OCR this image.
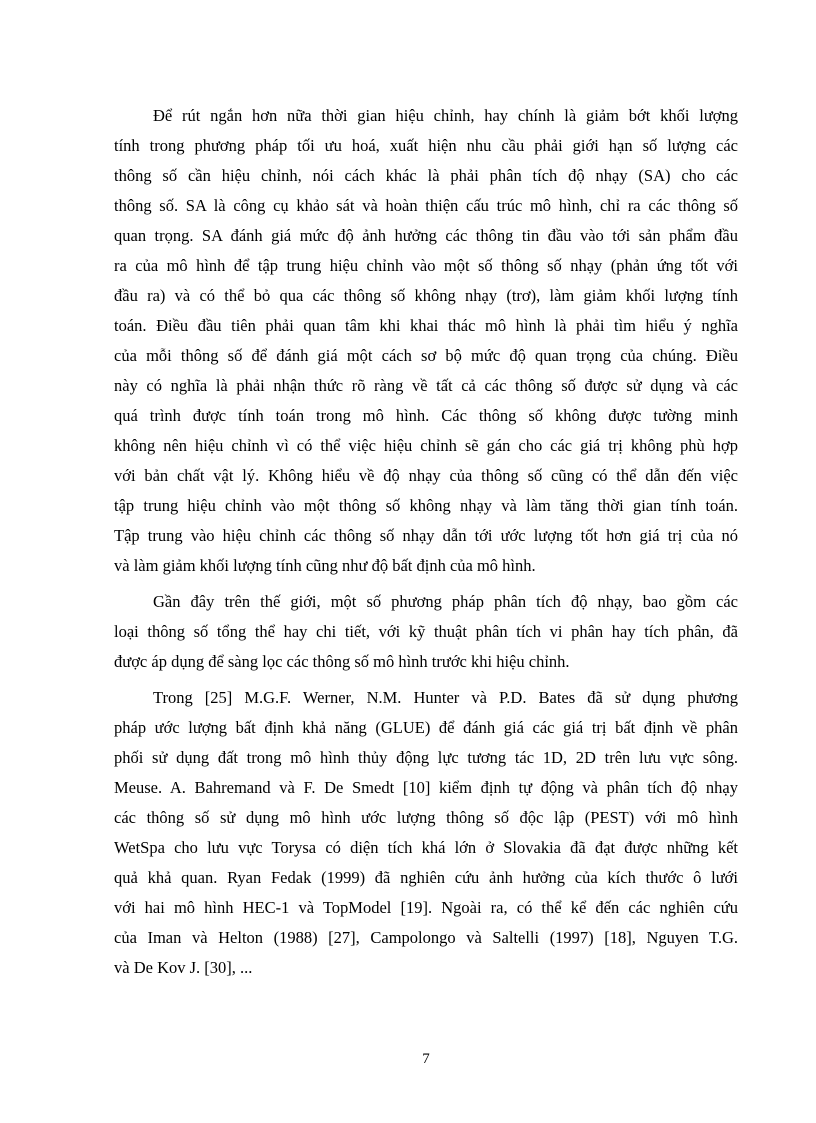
Để rút ngắn hơn nữa thời gian hiệu chỉnh, hay chính là giảm bớt khối lượng
tính trong phương pháp tối ưu hoá, xuất hiện nhu cầu phải giới hạn số lượng các
thông số cần hiệu chỉnh, nói cách khác là phải phân tích độ nhạy (SA) cho các
thông số. SA là công cụ khảo sát và hoàn thiện cấu trúc mô hình, chỉ ra các thông số
quan trọng. SA đánh giá mức độ ảnh hưởng các thông tin đầu vào tới sản phẩm đầu
ra của mô hình để tập trung hiệu chỉnh vào một số thông số nhạy (phản ứng tốt với
đầu ra) và có thể bỏ qua các thông số không nhạy (trơ), làm giảm khối lượng tính
toán. Điều đầu tiên phải quan tâm khi khai thác mô hình là phải tìm hiểu ý nghĩa
của mỗi thông số để đánh giá một cách sơ bộ mức độ quan trọng của chúng. Điều
này có nghĩa là phải nhận thức rõ ràng về tất cả các thông số được sử dụng và các
quá trình được tính toán trong mô hình. Các thông số không được tường minh
không nên hiệu chỉnh vì có thể việc hiệu chỉnh sẽ gán cho các giá trị không phù hợp
với bản chất vật lý. Không hiểu về độ nhạy của thông số cũng có thể dẫn đến việc
tập trung hiệu chỉnh vào một thông số không nhạy và làm tăng thời gian tính toán.
Tập trung vào hiệu chỉnh các thông số nhạy dẫn tới ước lượng tốt hơn giá trị của nó
và làm giảm khối lượng tính cũng như độ bất định của mô hình.
Gần đây trên thế giới, một số phương pháp phân tích độ nhạy, bao gồm các
loại thông số tổng thể hay chi tiết, với kỹ thuật phân tích vi phân hay tích phân, đã
được áp dụng để sàng lọc các thông số mô hình trước khi hiệu chỉnh.
Trong [25] M.G.F. Werner, N.M. Hunter và P.D. Bates đã sử dụng phương
pháp ước lượng bất định khả năng (GLUE) để đánh giá các giá trị bất định về phân
phối sử dụng đất trong mô hình thủy động lực tương tác 1D, 2D trên lưu vực sông.
Meuse. A. Bahremand và F. De Smedt [10] kiểm định tự động và phân tích độ nhạy
các thông số sử dụng mô hình ước lượng thông số độc lập (PEST) với mô hình
WetSpa cho lưu vực Torysa có diện tích khá lớn ở Slovakia đã đạt được những kết
quả khả quan. Ryan Fedak (1999) đã nghiên cứu ảnh hưởng của kích thước ô lưới
với hai mô hình HEC-1 và TopModel [19]. Ngoài ra, có thể kể đến các nghiên cứu
của Iman và Helton (1988) [27], Campolongo và Saltelli (1997) [18], Nguyen T.G.
và De Kov J. [30], ...
7
